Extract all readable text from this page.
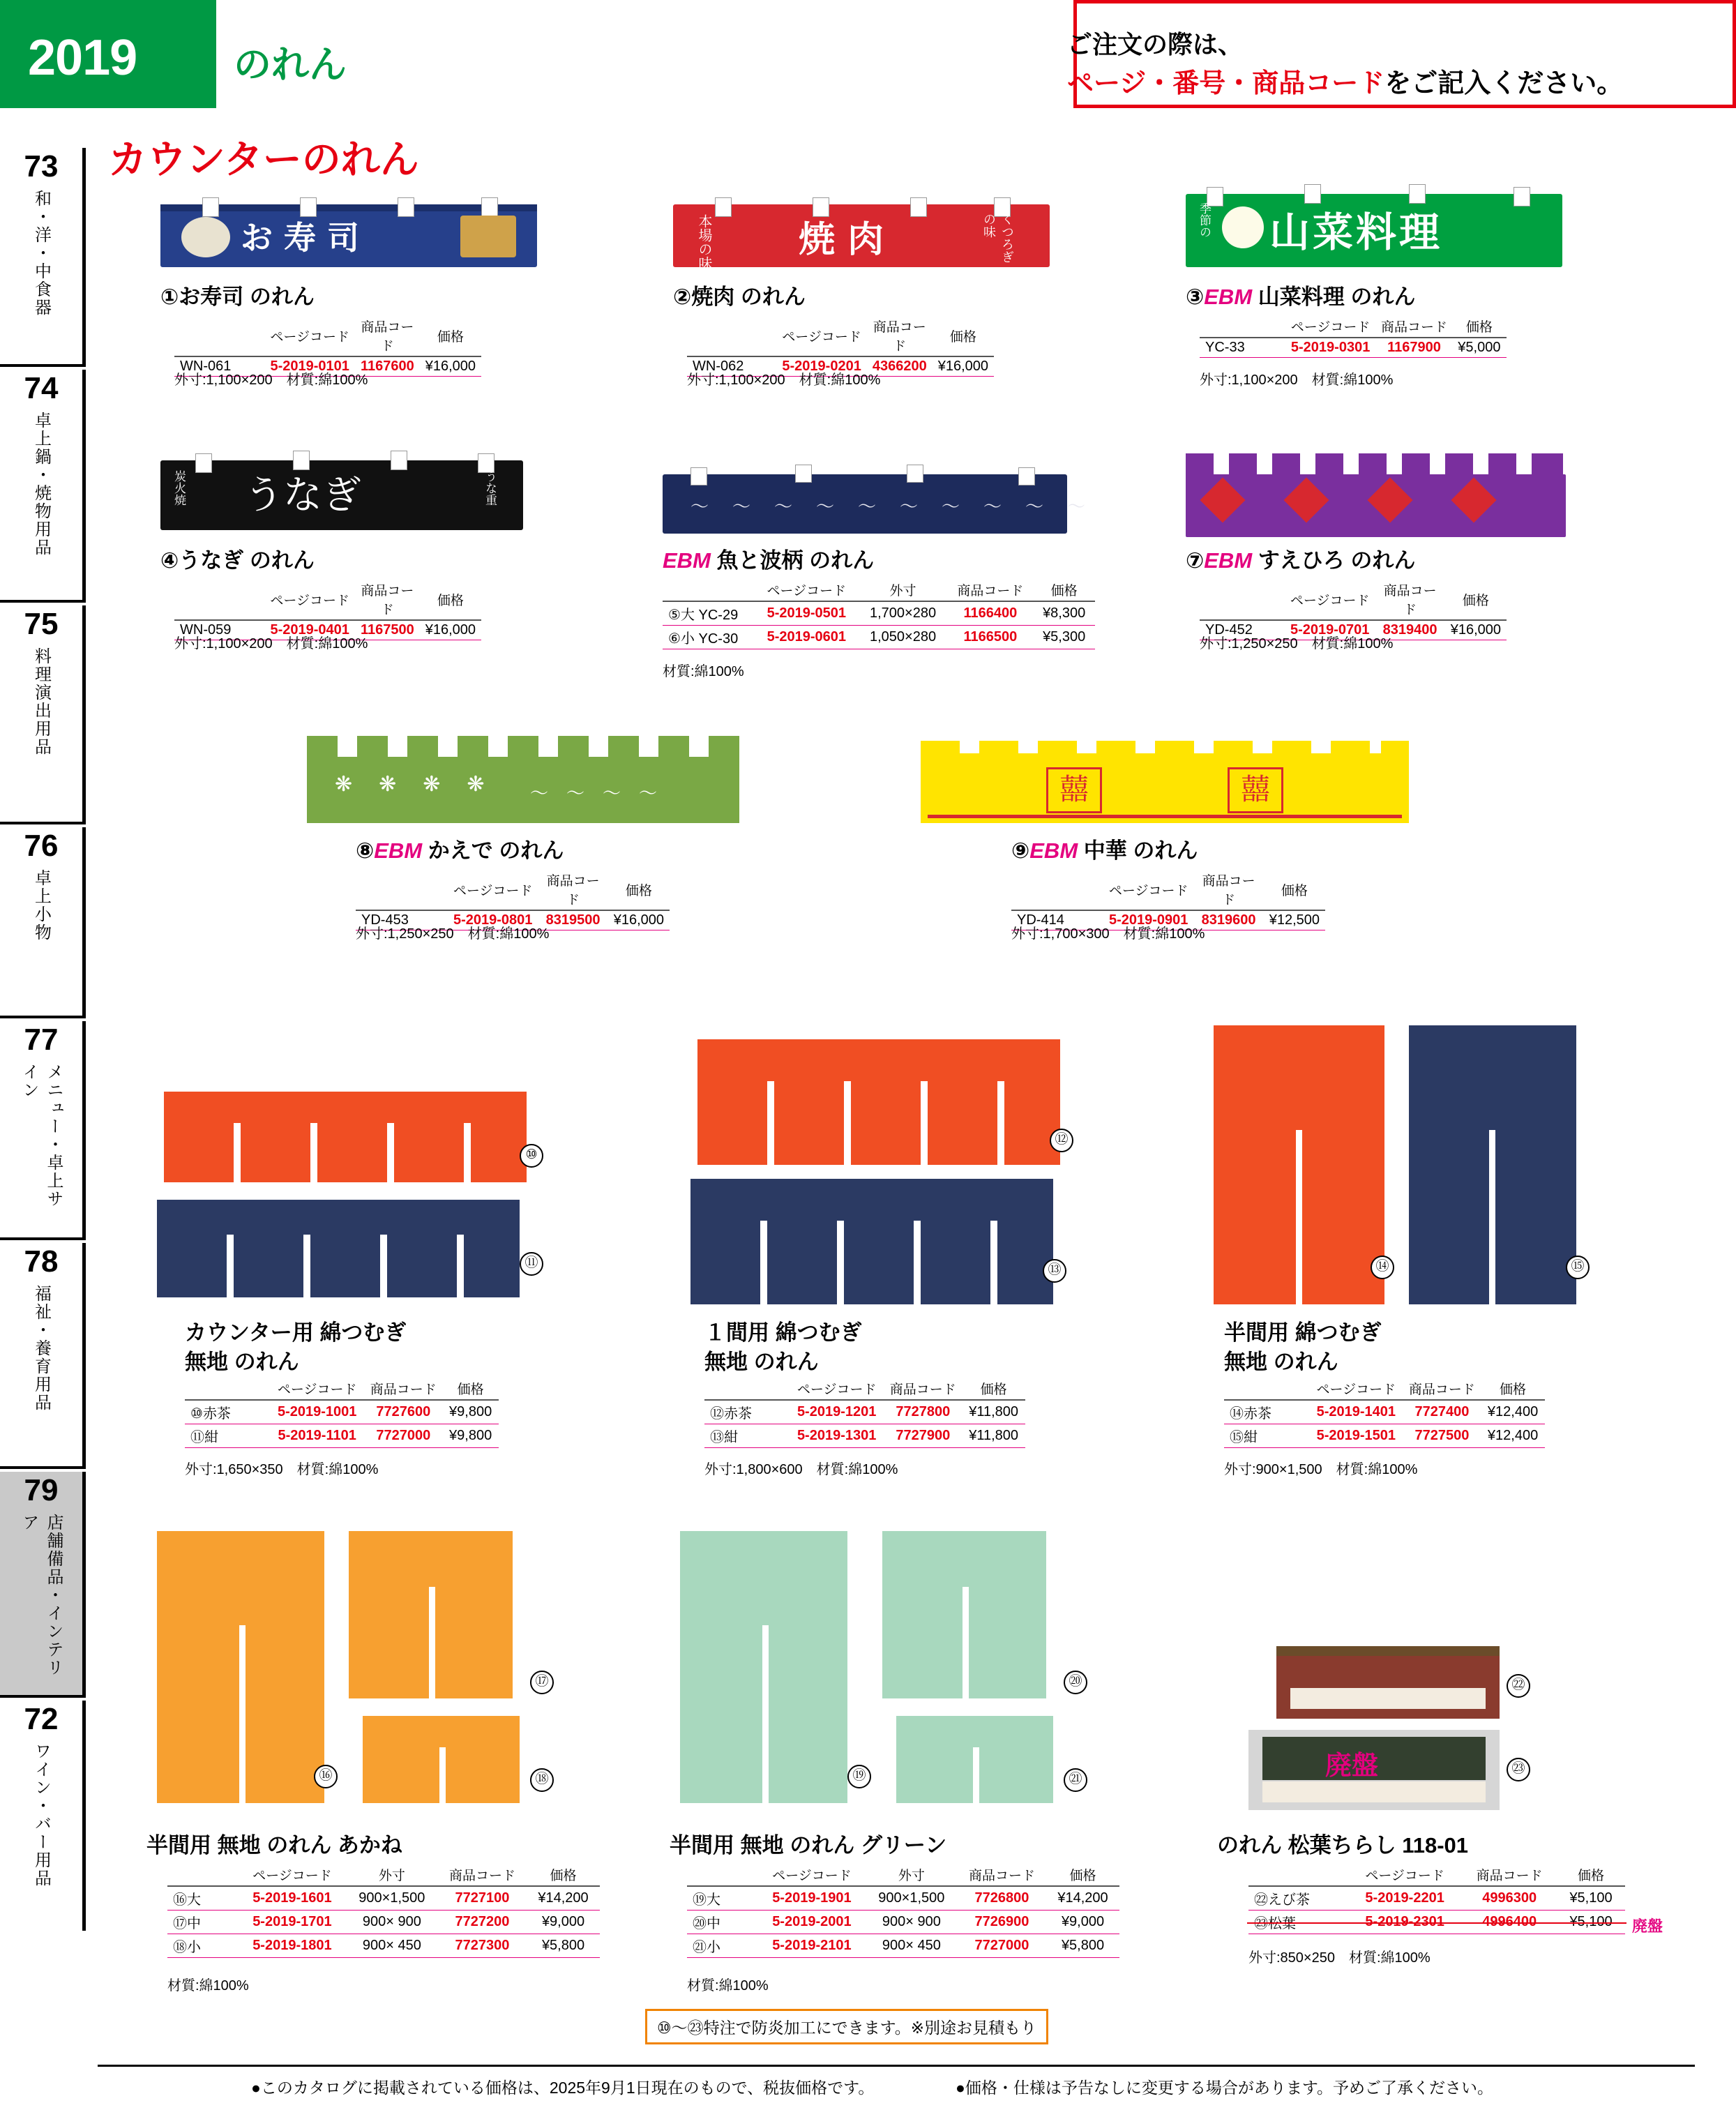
2019	のれん	ご注文の際は、
ページ・番号・商品コードをご記入ください。
73
和・洋・中食器
74
卓上鍋・焼物用品
75
料理演出用品
76
卓上小物
77
メニュー・卓上サイン
78
福祉・養育用品
79
店舗備品・インテリア
72
ワイン・バー用品
カウンターのれん
お 寿 司
①お寿司 のれん
	ページコード	商品コード	価格
WN-061	5-2019-0101	1167600	¥16,000
外寸:1,100×200　材質:綿100%
本場の味 焼 肉	くつろぎの味
②焼肉 のれん
	ページコード	商品コード	価格
WN-062	5-2019-0201	4366200	¥16,000
外寸:1,100×200　材質:綿100%
季節の 山菜料理
③EBM 山菜料理 のれん
	ページコード	商品コード	価格
YC-33	5-2019-0301	1167900	¥5,000
外寸:1,100×200　材質:綿100%
炭火焼 うなぎ	うな重
④うなぎ のれん
	ページコード	商品コード	価格
WN-059	5-2019-0401	1167500	¥16,000
外寸:1,100×200　材質:綿100%
〜〜〜〜〜〜〜〜〜〜
EBM 魚と波柄 のれん
	ページコード	外寸	商品コード	価格
⑤大 YC-29	5-2019-0501	1,700×280	1166400	¥8,300
⑥小 YC-30	5-2019-0601	1,050×280	1166500	¥5,300
材質:綿100%
⑦EBM すえひろ のれん
	ページコード	商品コード	価格
YD-452	5-2019-0701	8319400	¥16,000
外寸:1,250×250　材質:綿100%
❋❋❋❋ 〜〜〜〜
⑧EBM かえで のれん
	ページコード	商品コード	価格
YD-453	5-2019-0801	8319500	¥16,000
外寸:1,250×250　材質:綿100%
囍	囍
⑨EBM 中華 のれん
	ページコード	商品コード	価格
YD-414	5-2019-0901	8319600	¥12,500
外寸:1,700×300　材質:綿100%
⑩
⑪
カウンター用 綿つむぎ
無地 のれん
	ページコード	商品コード	価格
⑩赤茶	5-2019-1001	7727600	¥9,800
⑪紺	5-2019-1101	7727000	¥9,800
外寸:1,650×350　材質:綿100%
⑫
⑬
１間用 綿つむぎ
無地 のれん
	ページコード	商品コード	価格
⑫赤茶	5-2019-1201	7727800	¥11,800
⑬紺	5-2019-1301	7727900	¥11,800
外寸:1,800×600　材質:綿100%
⑭	⑮
半間用 綿つむぎ
無地 のれん
	ページコード	商品コード	価格
⑭赤茶	5-2019-1401	7727400	¥12,400
⑮紺	5-2019-1501	7727500	¥12,400
外寸:900×1,500　材質:綿100%
⑯
⑰
⑱
半間用 無地 のれん あかね
	ページコード	外寸	商品コード	価格
⑯大	5-2019-1601	900×1,500	7727100	¥14,200
⑰中	5-2019-1701	900× 900	7727200	¥9,000
⑱小	5-2019-1801	900× 450	7727300	¥5,800
材質:綿100%
⑲
⑳
㉑
半間用 無地 のれん グリーン
	ページコード	外寸	商品コード	価格
⑲大	5-2019-1901	900×1,500	7726800	¥14,200
⑳中	5-2019-2001	900× 900	7726900	¥9,000
㉑小	5-2019-2101	900× 450	7727000	¥5,800
材質:綿100%
㉒
廃盤	㉓
のれん 松葉ちらし 118-01
	ページコード	商品コード	価格
㉒えび茶	5-2019-2201	4996300	¥5,100
㉓松葉	5-2019-2301	4996400	¥5,100 廃盤
外寸:850×250　材質:綿100%
⑩〜㉓特注で防炎加工にできます。※別途お見積もり
●このカタログに掲載されている価格は、2025年9月1日現在のもので、税抜価格です。	●価格・仕様は予告なしに変更する場合があります。予めご了承ください。
